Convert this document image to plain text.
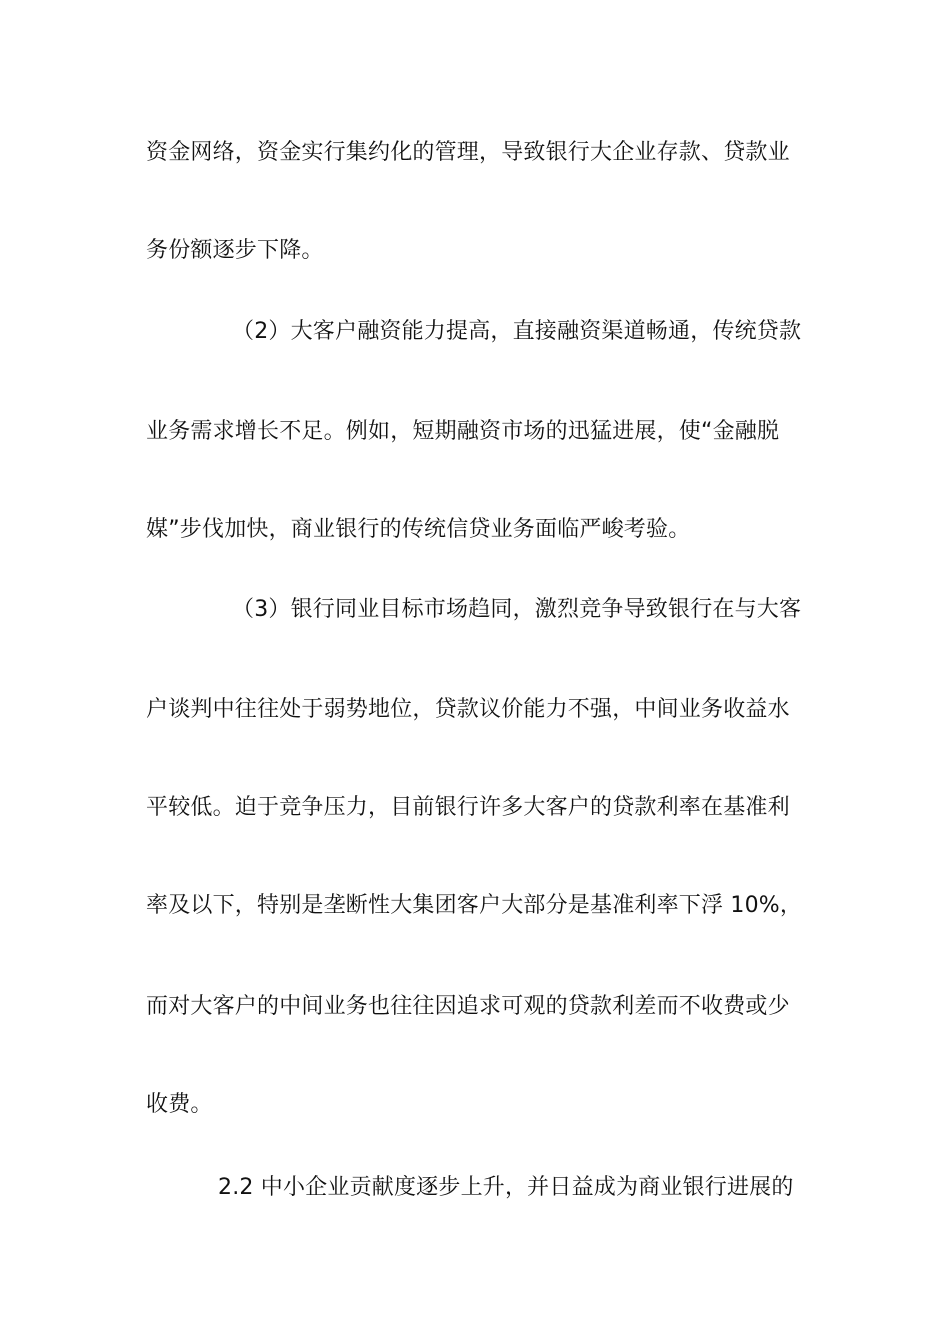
资金网络，资金实行集约化的管理，导致银行大企业存款、贷款业
务份额逐步下降。
（2）大客户融资能力提高，直接融资渠道畅通，传统贷款
业务需求增长不足。例如，短期融资市场的迅猛进展，使“金融脱
媒”步伐加快，商业银行的传统信贷业务面临严峻考验。
（3）银行同业目标市场趋同，激烈竞争导致银行在与大客
户谈判中往往处于弱势地位，贷款议价能力不强，中间业务收益水
平较低。迫于竞争压力，目前银行许多大客户的贷款利率在基准利
率及以下，特别是垄断性大集团客户大部分是基准利率下浮 10%，
而对大客户的中间业务也往往因追求可观的贷款利差而不收费或少
收费。
2.2 中小企业贡献度逐步上升，并日益成为商业银行进展的
